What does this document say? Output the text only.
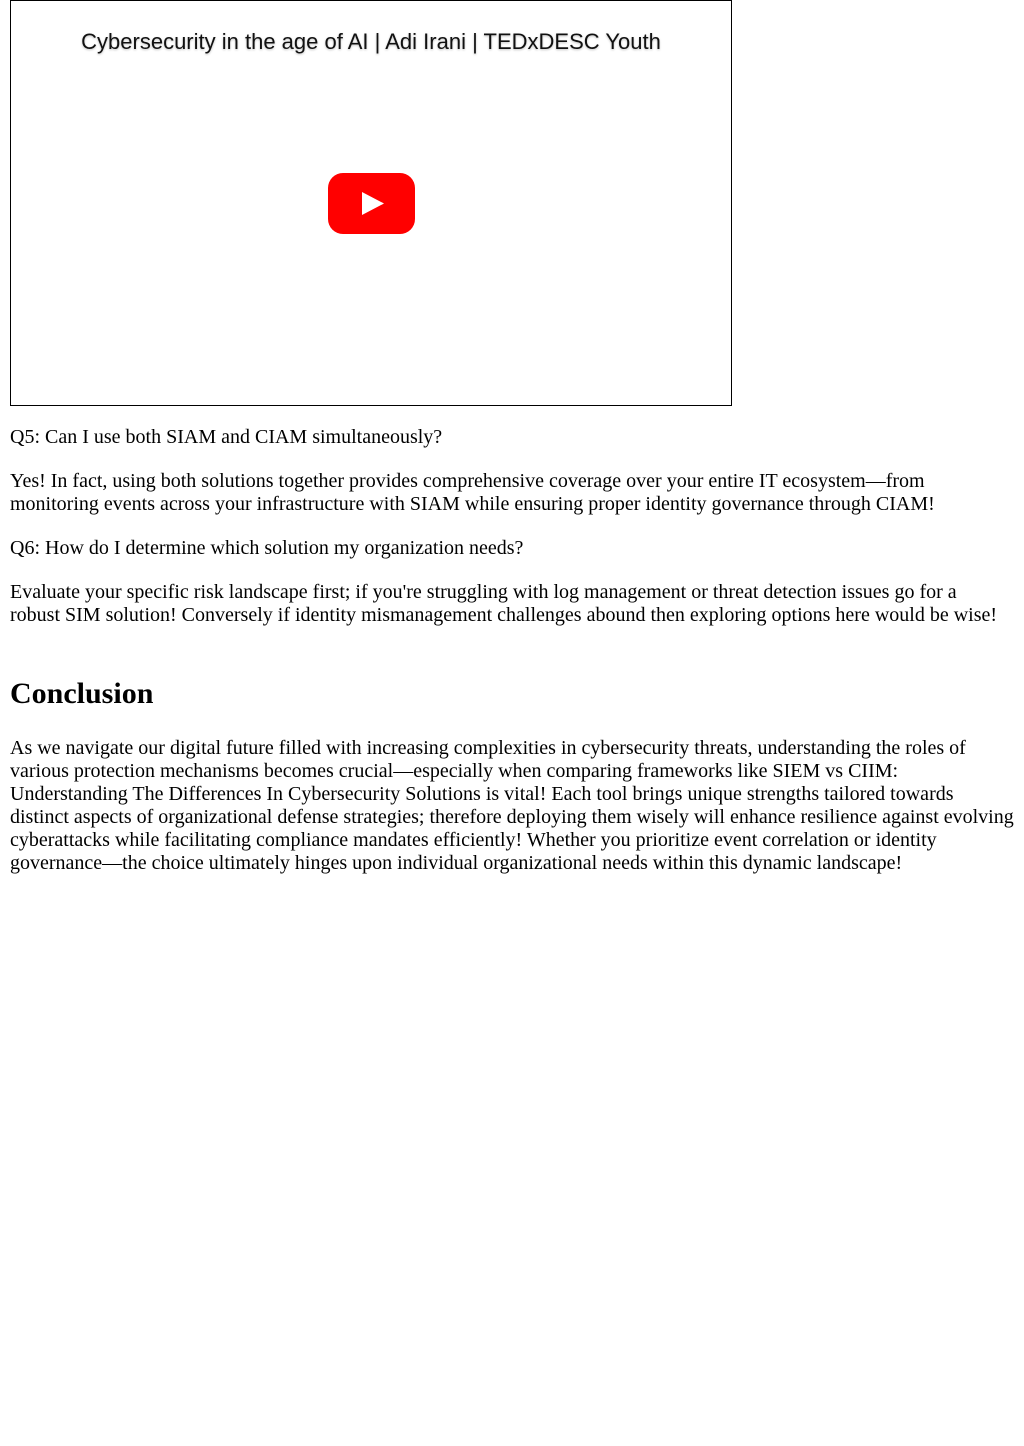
Cybersecurity in the age of AI | Adi Irani | TEDxDESC Youth

Q5: Can I use both SIAM and CIAM simultaneously?

Yes! In fact, using both solutions together provides comprehensive coverage over your entire IT ecosystem—from monitoring events across your infrastructure with SIAM while ensuring proper identity governance through CIAM!

Q6: How do I determine which solution my organization needs?

Evaluate your specific risk landscape first; if you're struggling with log management or threat detection issues go for a robust SIM solution! Conversely if identity mismanagement challenges abound then exploring options here would be wise!

Conclusion

As we navigate our digital future filled with increasing complexities in cybersecurity threats, understanding the roles of various protection mechanisms becomes crucial—especially when comparing frameworks like SIEM vs CIIM: Understanding The Differences In Cybersecurity Solutions is vital! Each tool brings unique strengths tailored towards distinct aspects of organizational defense strategies; therefore deploying them wisely will enhance resilience against evolving cyberattacks while facilitating compliance mandates efficiently! Whether you prioritize event correlation or identity governance—the choice ultimately hinges upon individual organizational needs within this dynamic landscape!
